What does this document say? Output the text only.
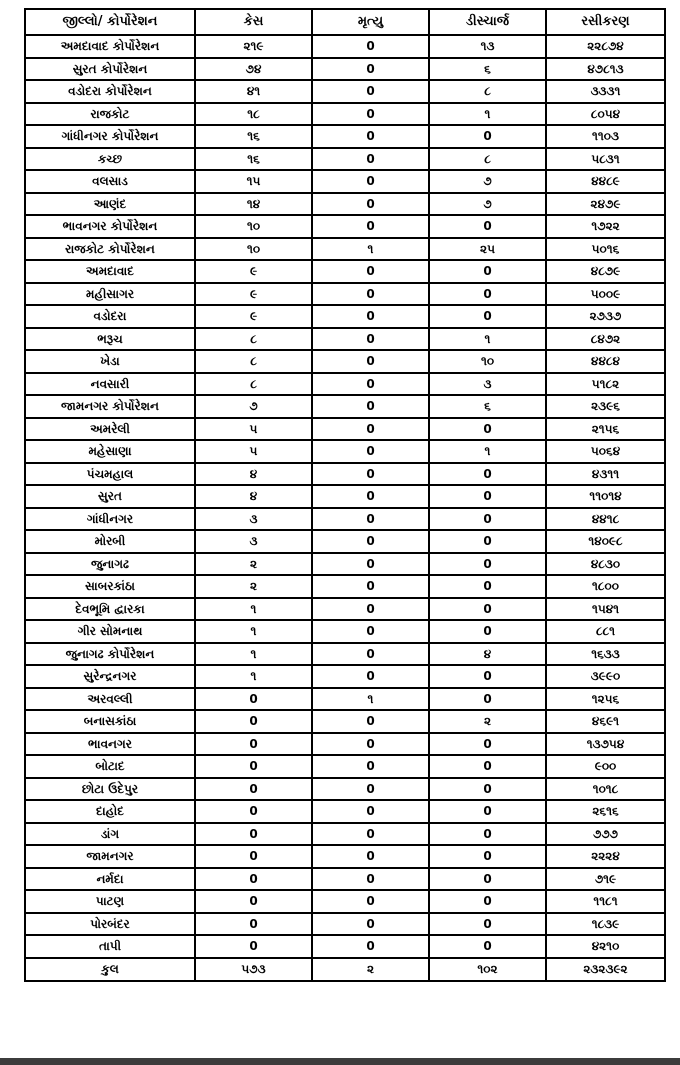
જીલ્લો/ કોર્પોરેશન	કેસ	મૃત્યુ	ડીસ્ચાર્જ	રસીકરણ
અમદાવાદ કોર્પોરેશન	૨૧૯	0	૧૩	૨૨૮૭૪
સુરત કોર્પોરેશન	૭૪	0	૬	૪૭૮૧૩
વડોદરા કોર્પોરેશન	૪૧	0	૮	૩૩૩૧
રાજકોટ	૧૮	0	૧	૮૦૫૪
ગાંધીનગર કોર્પોરેશન	૧૬	0	0	૧૧૦૩
કચ્છ	૧૬	0	૮	૫૮૩૧
વલસાડ	૧૫	0	૭	૪૪૮૯
આણંદ	૧૪	0	૭	૨૪૭૯
ભાવનગર કોર્પોરેશન	૧૦	0	0	૧૭૨૨
રાજકોટ કોર્પોરેશન	૧૦	૧	૨૫	૫૦૧૬
અમદાવાદ	૯	0	0	૪૮૭૯
મહીસાગર	૯	0	0	૫૦૦૯
વડોદરા	૯	0	0	૨૭૩૭
ભરૂચ	૮	0	૧	૮૪૭૨
ખેડા	૮	0	૧૦	૪૪૮૪
નવસારી	૮	0	૩	૫૧૮૨
જામનગર કોર્પોરેશન	૭	0	૬	૨૩૯૬
અમરેલી	૫	0	0	૨૧૫૬
મહેસાણા	૫	0	૧	૫૦૬૪
પંચમહાલ	૪	0	0	૪૩૧૧
સુરત	૪	0	0	૧૧૦૧૪
ગાંધીનગર	૩	0	0	૪૪૧૮
મોરબી	૩	0	0	૧૪૦૯૮
જુનાગઢ	૨	0	0	૪૮૩૦
સાબરકાંઠા	૨	0	0	૧૮૦૦
દેવભૂમિ દ્વારકા	૧	0	0	૧૫૪૧
ગીર સોમનાથ	૧	0	0	૮૮૧
જુનાગઢ કોર્પોરેશન	૧	0	૪	૧૬૩૩
સુરેન્દ્રનગર	૧	0	0	૩૯૯૦
અરવલ્લી	0	૧	0	૧૨૫૬
બનાસકાંઠા	0	0	૨	૪૬૯૧
ભાવનગર	0	0	0	૧૩૭૫૪
બોટાદ	0	0	0	૯૦૦
છોટા ઉદેપુર	0	0	0	૧૦૧૮
દાહોદ	0	0	0	૨૬૧૬
ડાંગ	0	0	0	૭૭૭
જામનગર	0	0	0	૨૨૨૪
નર્મદા	0	0	0	૭૧૯
પાટણ	0	0	0	૧૧૮૧
પોરબંદર	0	0	0	૧૮૩૯
તાપી	0	0	0	૪૨૧૦
કુલ	૫૭૩	૨	૧૦૨	૨૩૨૩૯૨
